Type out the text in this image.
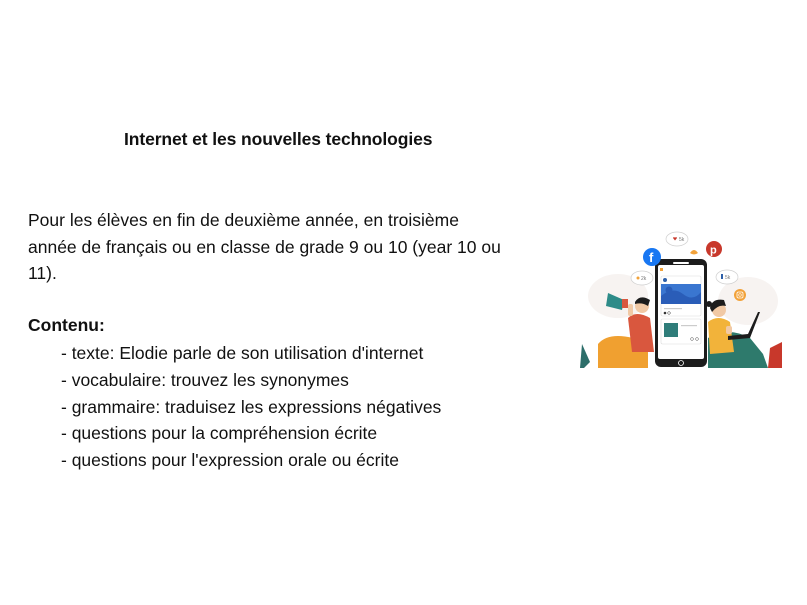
Internet et les nouvelles technologies
Pour les élèves en fin de deuxième année, en troisième
année de français ou en classe de grade 9 ou 10 (year 10 ou
11).
Contenu:
- texte: Elodie parle de son utilisation d'internet
- vocabulaire: trouvez les synonymes
- grammaire: traduisez les expressions négatives
- questions pour la compréhension écrite
- questions pour l'expression orale ou écrite
f	p
5k
2k	5k
